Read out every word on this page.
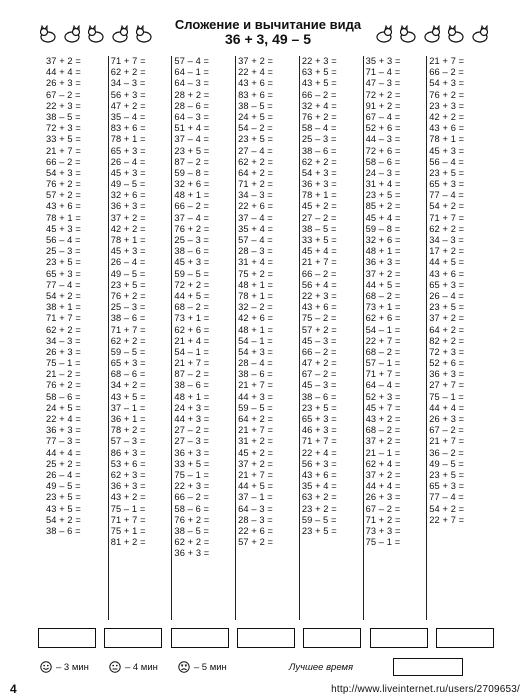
Сложение и вычитание вида
36 + 3, 49 – 5
37 + 2 =
44 + 4 =
26 + 3 =
67 – 2 =
22 + 3 =
38 – 5 =
72 + 3 =
33 + 5 =
21 + 7 =
66 – 2 =
54 + 3 =
76 + 2 =
57 + 2 =
43 + 6 =
78 + 1 =
45 + 3 =
56 – 4 =
25 – 3 =
23 + 5 =
65 + 3 =
77 – 4 =
54 + 2 =
38 + 1 =
71 + 7 =
62 + 2 =
34 – 3 =
26 + 3 =
75 – 1 =
21 – 2 =
76 + 2 =
58 – 6 =
24 + 5 =
22 + 4 =
36 + 3 =
77 – 3 =
44 + 4 =
25 + 2 =
26 – 4 =
49 – 5 =
23 + 5 =
43 + 5 =
54 + 2 =
38 – 6 =
71 + 7 =
62 + 2 =
34 – 3 =
56 + 3 =
47 + 2 =
35 – 4 =
83 + 6 =
78 + 1 =
65 + 3 =
26 – 4 =
45 + 3 =
49 – 5 =
32 + 6 =
36 + 3 =
37 + 2 =
42 + 2 =
78 + 1 =
45 + 3 =
26 – 4 =
49 – 5 =
23 + 5 =
76 + 2 =
25 – 3 =
38 – 6 =
71 + 7 =
62 + 2 =
59 – 5 =
65 + 3 =
68 – 6 =
34 + 2 =
43 + 5 =
37 – 1 =
36 + 1 =
78 + 2 =
57 – 3 =
86 + 3 =
53 + 6 =
62 + 3 =
36 + 3 =
43 + 2 =
75 – 1 =
71 + 7 =
75 + 1 =
81 + 2 =
57 – 4 =
64 – 1 =
64 – 3 =
28 + 2 =
28 – 6 =
64 – 3 =
51 + 4 =
37 – 4 =
23 + 5 =
87 – 2 =
59 – 8 =
32 + 6 =
48 + 1 =
66 – 2 =
37 – 4 =
76 + 2 =
25 – 3 =
38 – 6 =
45 + 3 =
59 – 5 =
72 + 2 =
44 + 5 =
68 – 2 =
73 + 1 =
62 + 6 =
21 + 4 =
54 – 1 =
21 + 7 =
87 – 2 =
38 – 6 =
48 + 1 =
24 + 3 =
44 + 3 =
27 – 2 =
27 – 3 =
36 + 3 =
33 + 5 =
75 – 1 =
22 + 3 =
66 – 2 =
58 – 6 =
76 + 2 =
38 – 5 =
62 + 2 =
36 + 3 =
37 + 2 =
22 + 4 =
43 + 6 =
83 + 6 =
38 – 5 =
24 + 5 =
54 – 2 =
23 + 5 =
27 – 4 =
62 + 2 =
64 + 2 =
71 + 2 =
34 – 3 =
22 + 6 =
37 – 4 =
35 + 4 =
57 – 4 =
28 – 3 =
31 + 4 =
75 + 2 =
48 + 1 =
78 + 1 =
32 – 2 =
42 + 6 =
48 + 1 =
54 – 1 =
54 + 3 =
28 – 4 =
38 – 6 =
21 + 7 =
44 + 3 =
59 – 5 =
64 + 2 =
21 + 7 =
31 + 2 =
45 + 2 =
37 + 2 =
21 + 7 =
44 + 5 =
37 – 1 =
64 – 3 =
28 – 3 =
22 + 6 =
57 + 2 =
22 + 3 =
63 + 5 =
43 + 5 =
66 – 2 =
32 + 4 =
76 + 2 =
58 – 4 =
25 – 3 =
38 – 6 =
62 + 2 =
54 + 3 =
36 + 3 =
78 + 1 =
45 + 2 =
27 – 2 =
38 – 5 =
33 + 5 =
45 + 4 =
21 + 7 =
66 – 2 =
56 + 4 =
22 + 3 =
43 + 6 =
75 – 2 =
57 + 2 =
45 – 3 =
66 – 2 =
47 + 2 =
67 – 2 =
45 – 3 =
38 – 6 =
23 + 5 =
65 + 3 =
46 + 3 =
71 + 7 =
22 + 4 =
56 + 3 =
43 + 6 =
35 + 4 =
63 + 2 =
23 + 2 =
59 – 5 =
23 + 5 =
35 + 3 =
71 – 4 =
47 – 3 =
72 + 2 =
91 + 2 =
67 – 4 =
52 + 6 =
44 – 3 =
72 + 6 =
58 – 6 =
24 – 3 =
31 + 4 =
23 + 5 =
85 + 2 =
45 + 4 =
59 – 8 =
32 + 6 =
48 + 1 =
36 + 3 =
37 + 2 =
44 + 5 =
68 – 2 =
73 + 1 =
62 + 6 =
54 – 1 =
22 + 7 =
68 – 2 =
57 – 1 =
71 + 7 =
64 – 4 =
52 + 3 =
45 + 7 =
43 + 2 =
68 – 2 =
37 + 2 =
21 – 1 =
62 + 4 =
37 + 2 =
44 + 4 =
26 + 3 =
67 – 2 =
71 + 2 =
73 + 3 =
75 – 1 =
21 + 7 =
66 – 2 =
54 + 3 =
76 + 2 =
23 + 3 =
42 + 2 =
43 + 6 =
78 + 1 =
45 + 3 =
56 – 4 =
23 + 5 =
65 + 3 =
77 – 4 =
54 + 2 =
71 + 7 =
62 + 2 =
34 – 3 =
17 + 2 =
44 + 5 =
43 + 6 =
65 + 3 =
26 – 4 =
23 + 5 =
37 + 2 =
64 + 2 =
82 + 2 =
72 + 3 =
52 + 6 =
36 + 3 =
27 + 7 =
75 – 1 =
44 + 4 =
26 + 3 =
67 – 2 =
21 + 7 =
36 – 2 =
49 – 5 =
23 + 5 =
65 + 3 =
77 – 4 =
54 + 2 =
22 + 7 =
– 3 мин	– 4 мин	– 5 мин	Лучшее время
4	http://www.liveinternet.ru/users/2709653/
